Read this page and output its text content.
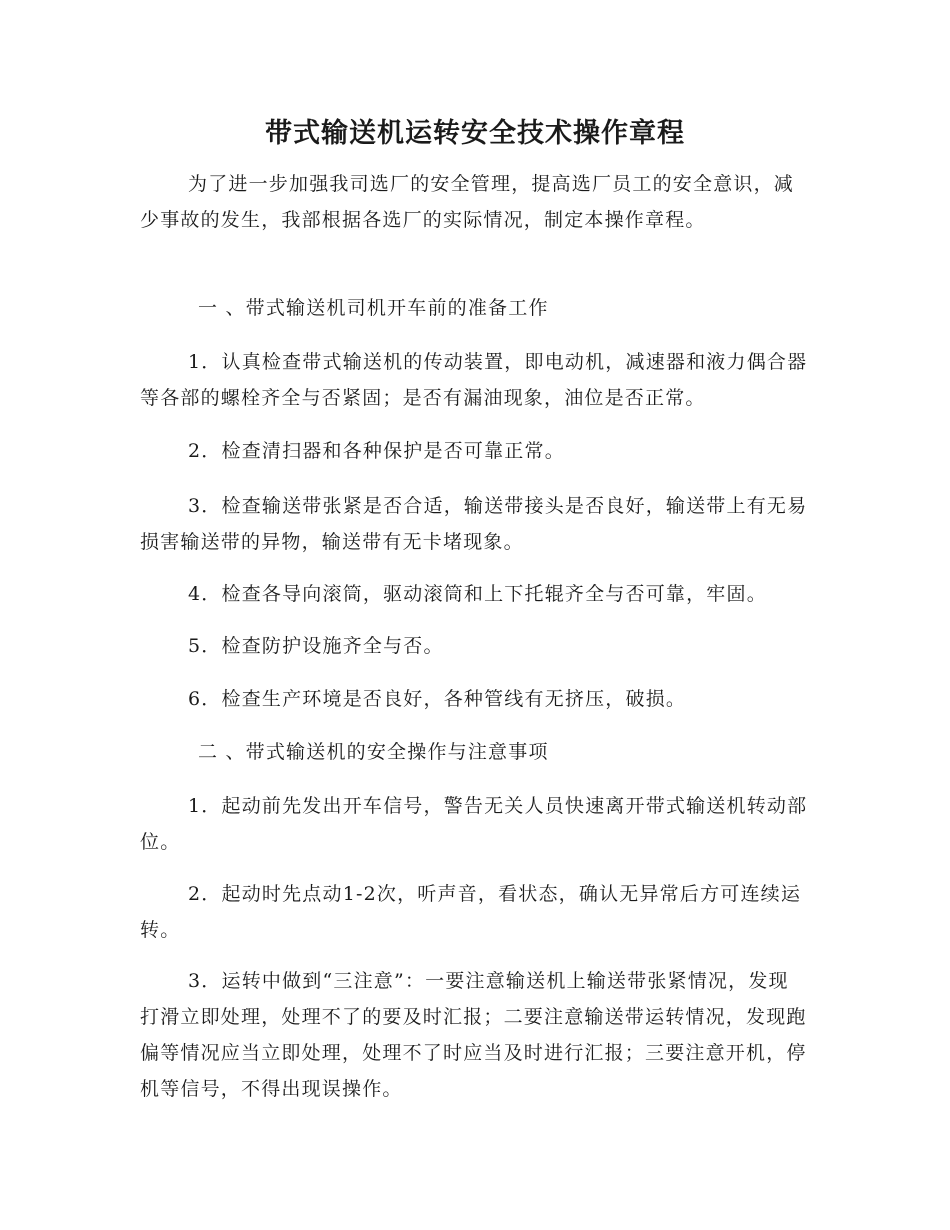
带式输送机运转安全技术操作章程

为了进一步加强我司选厂的安全管理，提高选厂员工的安全意识，减少事故的发生，我部根据各选厂的实际情况，制定本操作章程。

一 、带式输送机司机开车前的准备工作

1．认真检查带式输送机的传动装置，即电动机，减速器和液力偶合器等各部的螺栓齐全与否紧固；是否有漏油现象，油位是否正常。

2．检查清扫器和各种保护是否可靠正常。

3．检查输送带张紧是否合适，输送带接头是否良好，输送带上有无易损害输送带的异物，输送带有无卡堵现象。

4．检查各导向滚筒，驱动滚筒和上下托辊齐全与否可靠，牢固。

5．检查防护设施齐全与否。

6．检查生产环境是否良好，各种管线有无挤压，破损。

二 、带式输送机的安全操作与注意事项

1．起动前先发出开车信号，警告无关人员快速离开带式输送机转动部位。

2．起动时先点动1-2次，听声音，看状态，确认无异常后方可连续运转。

3．运转中做到“三注意”：一要注意输送机上输送带张紧情况，发现打滑立即处理，处理不了的要及时汇报；二要注意输送带运转情况，发现跑偏等情况应当立即处理，处理不了时应当及时进行汇报；三要注意开机，停机等信号，不得出现误操作。
